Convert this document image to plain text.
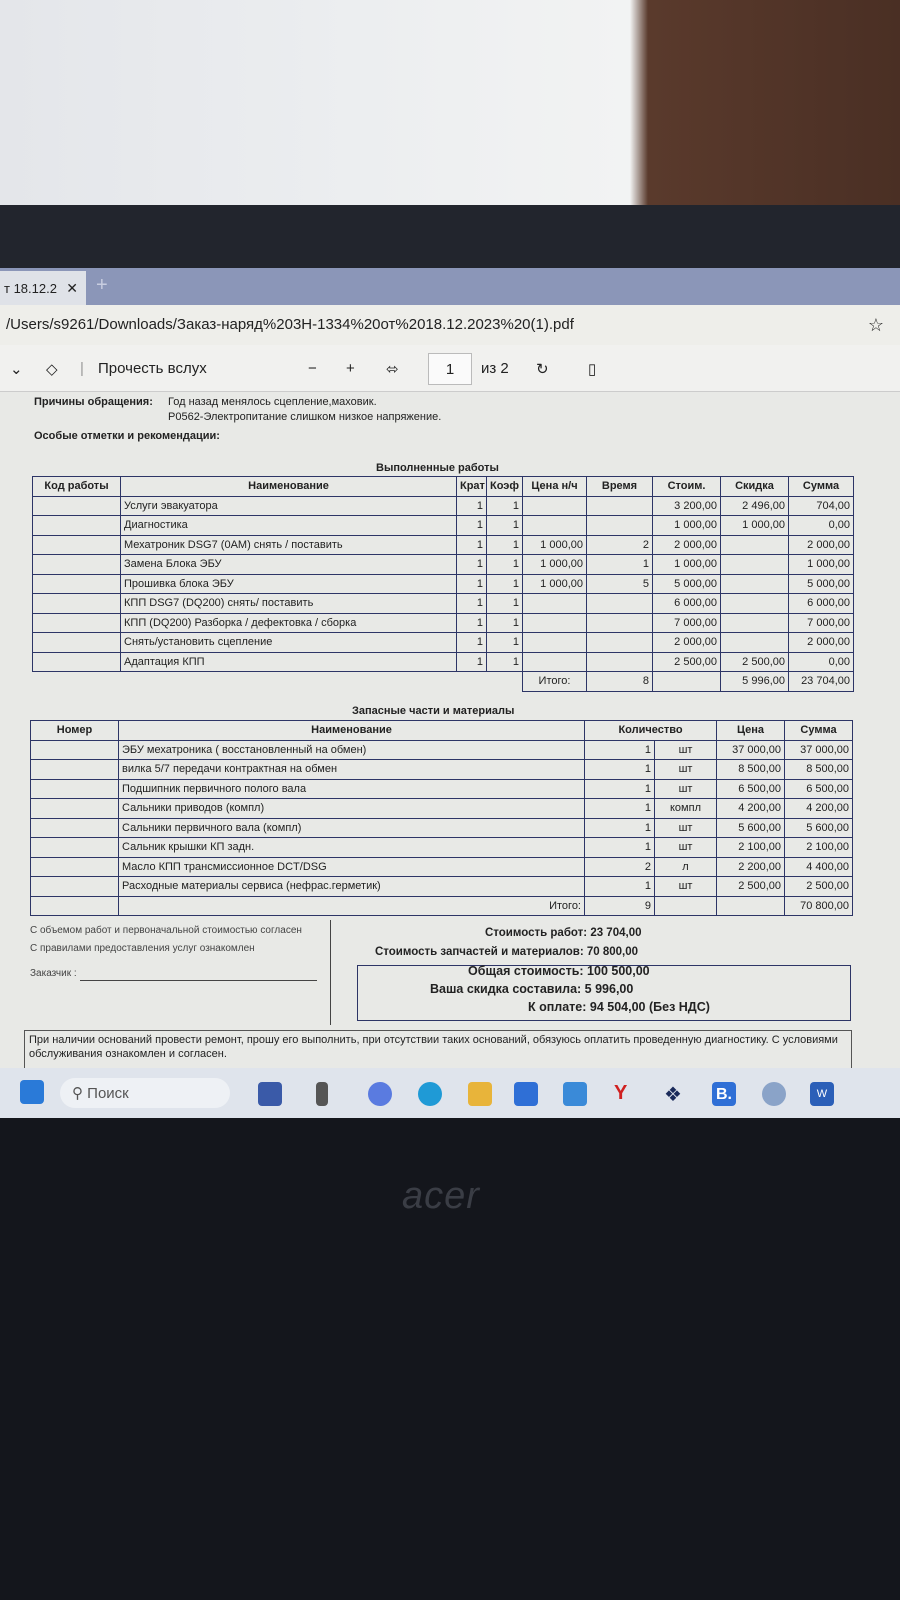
т 18.12.2 ✕ +
/Users/s9261/Downloads/Заказ-наряд%203Н-1334%20от%2018.12.2023%20(1).pdf	☆
⌄ ◇ | Прочесть вслух	− + ⬄	1	из 2 ↻	▯
Причины обращения: Год назад менялось сцепление,маховик.
P0562-Электропитание слишком низкое напряжение.
Особые отметки и рекомендации:
Выполненные работы
Запасные части и материалы
Код работы	Наименование	Крат	Коэф	Цена н/ч	Время	Стоим.	Скидка	Сумма
	Услуги эвакуатора	1	1			3 200,00	2 496,00	704,00
	Диагностика	1	1			1 000,00	1 000,00	0,00
	Мехатроник DSG7 (0AM) снять / поставить	1	1	1 000,00	2	2 000,00		2 000,00
	Замена Блока ЭБУ	1	1	1 000,00	1	1 000,00		1 000,00
	Прошивка блока ЭБУ	1	1	1 000,00	5	5 000,00		5 000,00
	КПП DSG7 (DQ200) снять/ поставить	1	1			6 000,00		6 000,00
	КПП (DQ200) Разборка / дефектовка / сборка	1	1			7 000,00		7 000,00
	Снять/установить сцепление	1	1			2 000,00		2 000,00
	Адаптация КПП	1	1			2 500,00	2 500,00	0,00
				Итого:	8		5 996,00	23 704,00
Номер	Наименование	Количество		Цена	Сумма
	ЭБУ мехатроника ( восстановленный на обмен)	1	шт	37 000,00	37 000,00
	вилка 5/7 передачи контрактная на обмен	1	шт	8 500,00	8 500,00
	Подшипник первичного полого вала	1	шт	6 500,00	6 500,00
	Сальники приводов (компл)	1	компл	4 200,00	4 200,00
	Сальники первичного вала (компл)	1	шт	5 600,00	5 600,00
	Сальник крышки КП задн.	1	шт	2 100,00	2 100,00
	Масло КПП трансмиссионное DCT/DSG	2	л	2 200,00	4 400,00
	Расходные материалы сервиса (нефрас.герметик)	1	шт	2 500,00	2 500,00
	Итого:	9			70 800,00
С объемом работ и первоначальной стоимостью согласен
С правилами предоставления услуг ознакомлен
Заказчик :
Стоимость работ: 23 704,00
Стоимость запчастей и материалов: 70 800,00
Общая стоимость: 100 500,00
Ваша скидка составила: 5 996,00
К оплате: 94 504,00 (Без НДС)
При наличии оснований провести ремонт, прошу его выполнить, при отсутствии таких оснований, обязуюсь оплатить проведенную диагностику. С условиями обслуживания ознакомлен и согласен.
⚲ Поиск	Y	❖	B.	W
acer
